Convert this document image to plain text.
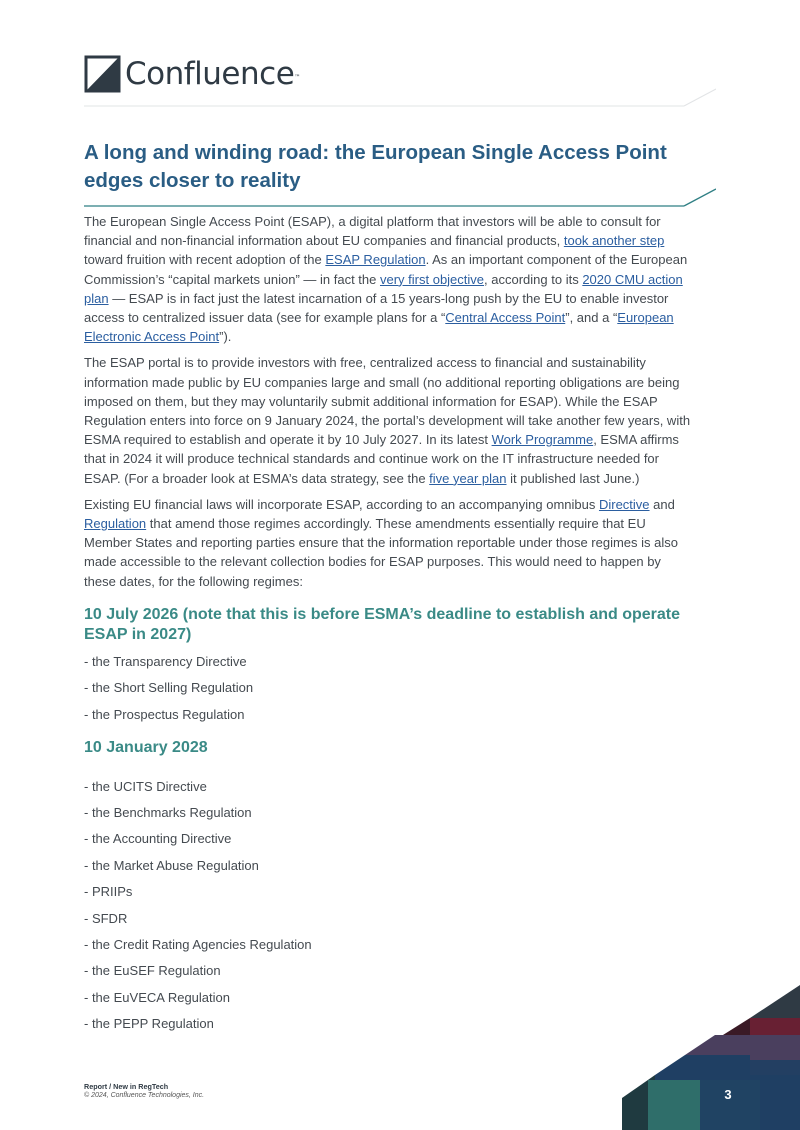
Confluence™
A long and winding road: the European Single Access Point edges closer to reality

The European Single Access Point (ESAP), a digital platform that investors will be able to consult for financial and non-financial information about EU companies and financial products, took another step toward fruition with recent adoption of the ESAP Regulation. As an important component of the European Commission’s “capital markets union” — in fact the very first objective, according to its 2020 CMU action plan — ESAP is in fact just the latest incarnation of a 15 years-long push by the EU to enable investor access to centralized issuer data (see for example plans for a “Central Access Point”, and a “European Electronic Access Point”).

The ESAP portal is to provide investors with free, centralized access to financial and sustainability information made public by EU companies large and small (no additional reporting obligations are being imposed on them, but they may voluntarily submit additional information for ESAP). While the ESAP Regulation enters into force on 9 January 2024, the portal’s development will take another few years, with ESMA required to establish and operate it by 10 July 2027. In its latest Work Programme, ESMA affirms that in 2024 it will produce technical standards and continue work on the IT infrastructure needed for ESAP. (For a broader look at ESMA’s data strategy, see the five year plan it published last June.)

Existing EU financial laws will incorporate ESAP, according to an accompanying omnibus Directive and Regulation that amend those regimes accordingly. These amendments essentially require that EU Member States and reporting parties ensure that the information reportable under those regimes is also made accessible to the relevant collection bodies for ESAP purposes. This would need to happen by these dates, for the following regimes:

10 July 2026 (note that this is before ESMA’s deadline to establish and operate ESAP in 2027)
- the Transparency Directive
- the Short Selling Regulation
- the Prospectus Regulation
10 January 2028
- the UCITS Directive
- the Benchmarks Regulation
- the Accounting Directive
- the Market Abuse Regulation
- PRIIPs
- SFDR
- the Credit Rating Agencies Regulation
- the EuSEF Regulation
- the EuVECA Regulation
- the PEPP Regulation
Report / New in RegTech
© 2024, Confluence Technologies, Inc.	3
